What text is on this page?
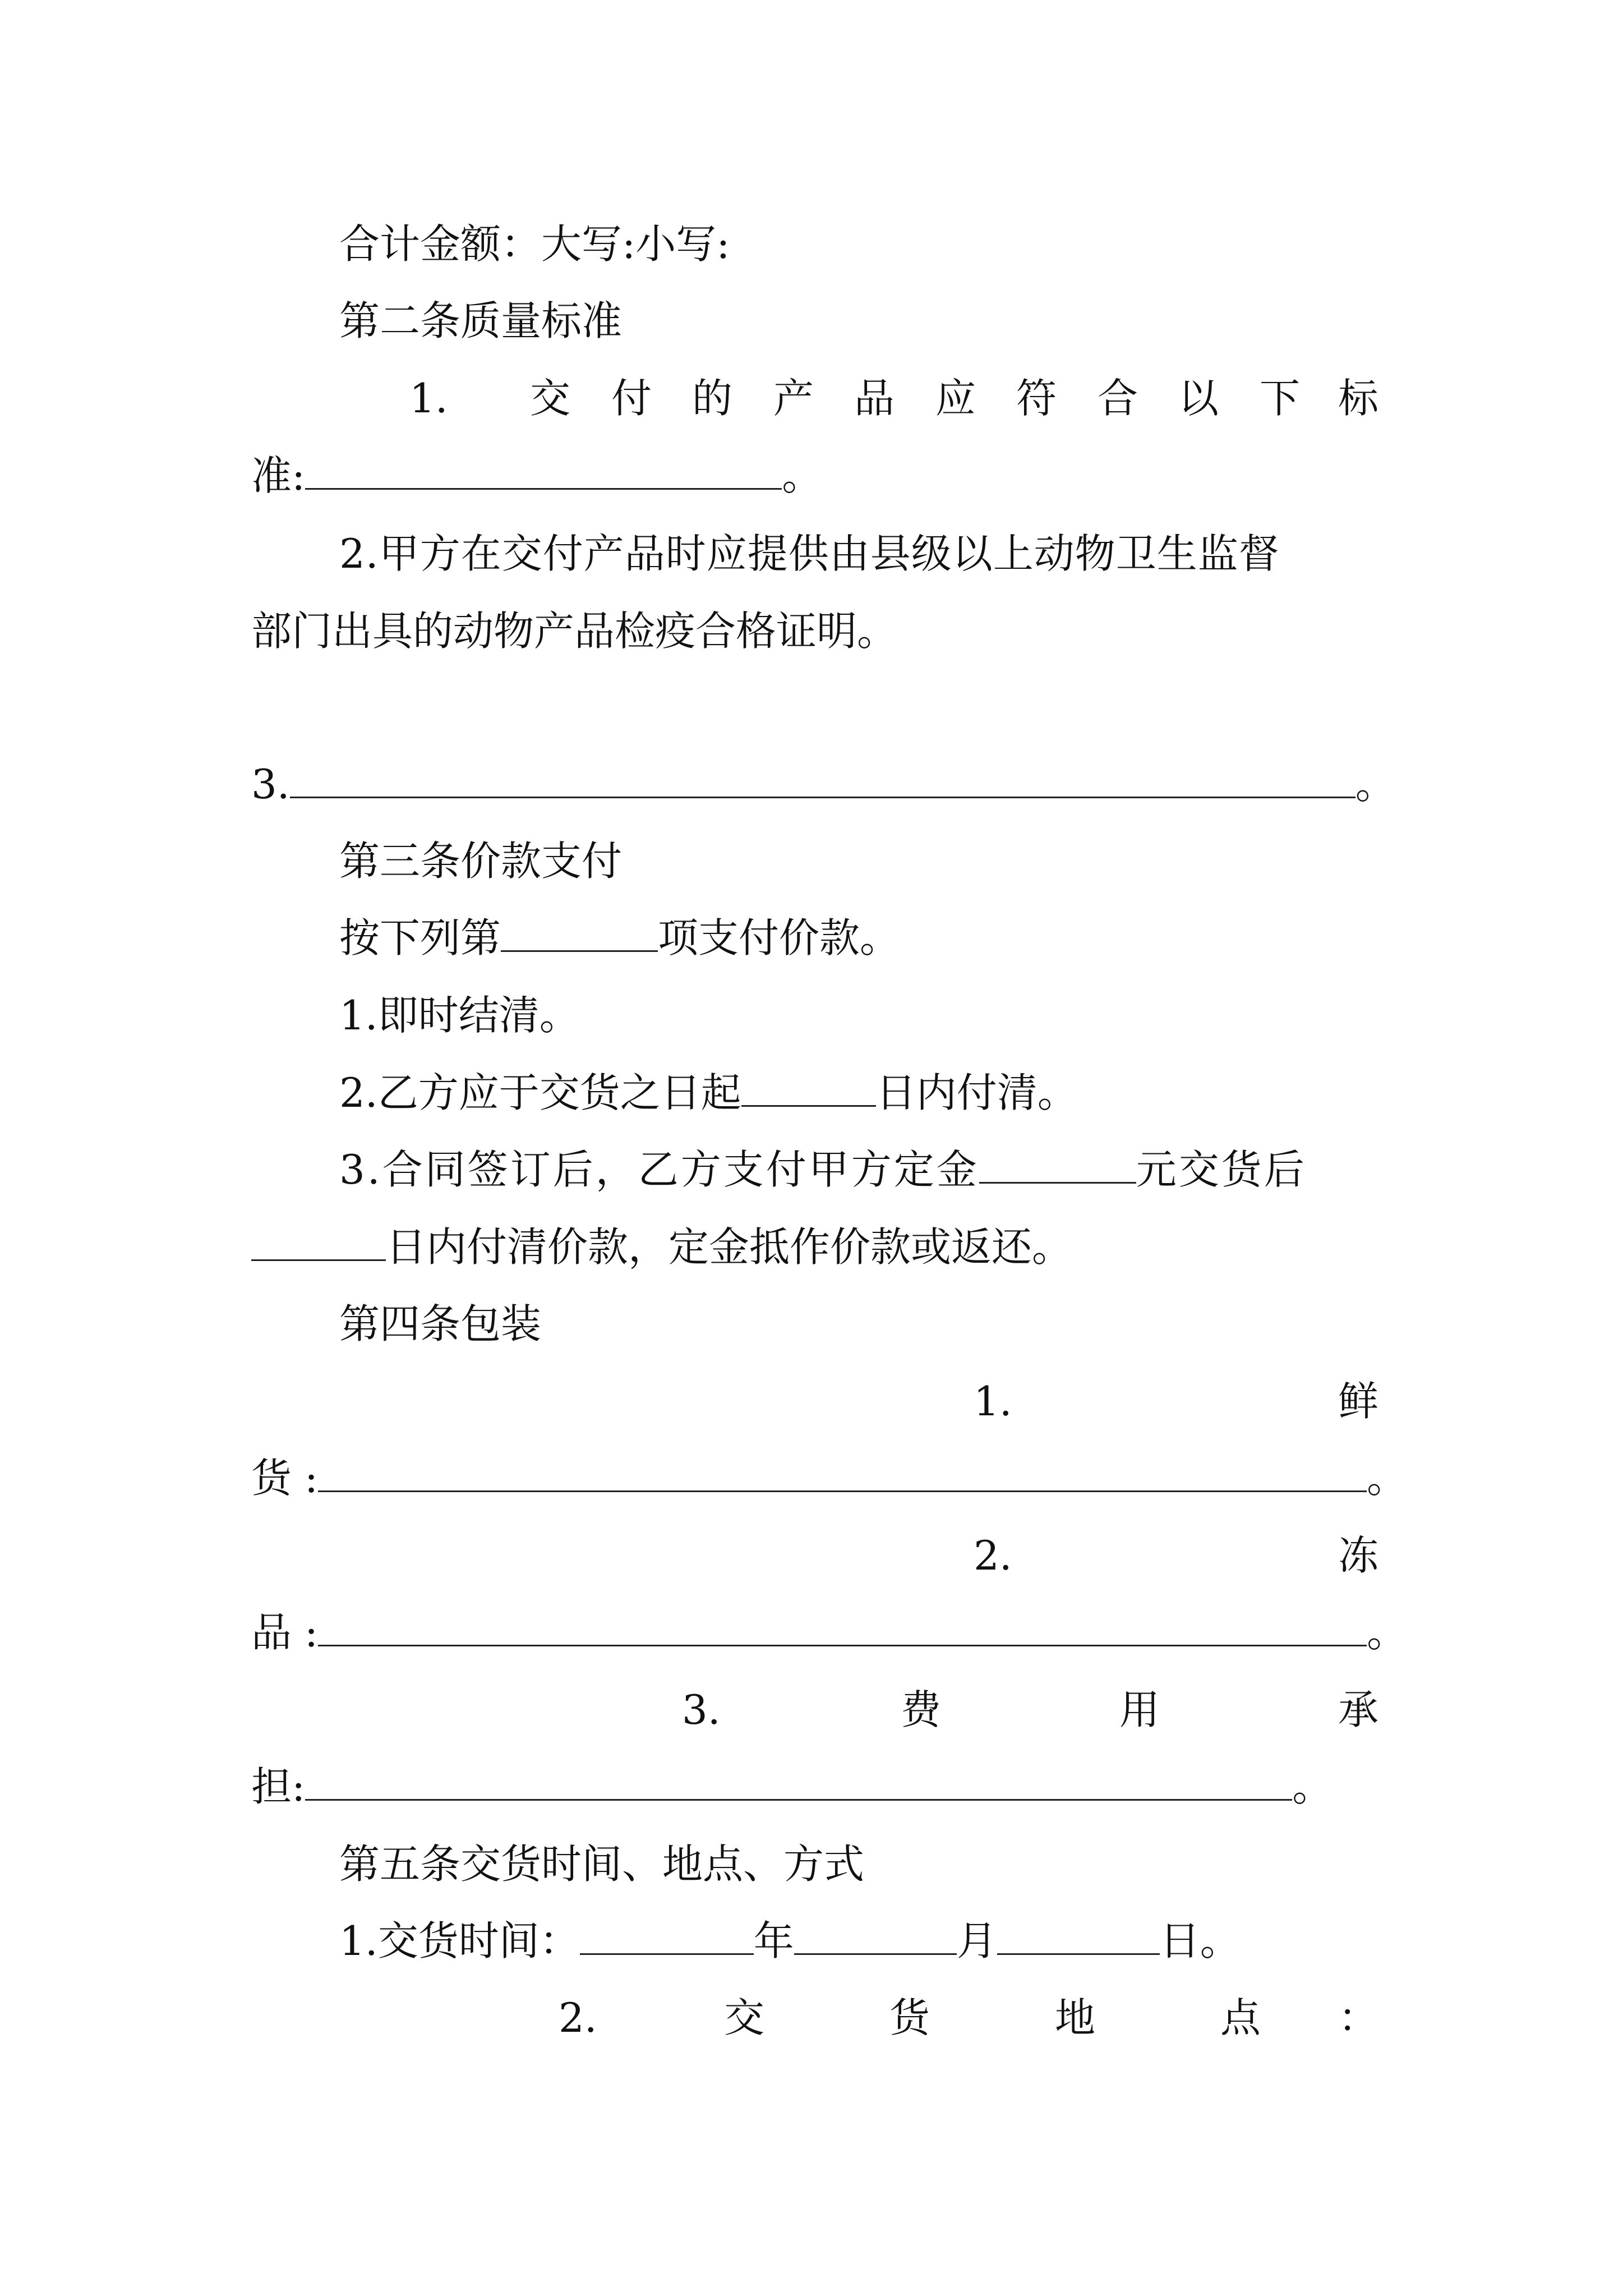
合计金额：大写:小写:
第二条质量标准
1. 交 付 的 产 品 应 符 合 以 下 标
准:	。
2.甲方在交付产品时应提供由县级以上动物卫生监督
部门出具的动物产品检疫合格证明。
3.	。
第三条价款支付
按下列第	项支付价款。
1.即时结清。
2.乙方应于交货之日起	日内付清。
3.合同签订后，乙方支付甲方定金	元交货后
日内付清价款，定金抵作价款或返还。
第四条包装
1.	鲜
货 :	。
2.	冻
品 :	。
3.	费	用	承
担:	。
第五条交货时间、地点、方式
1.交货时间：	年	月	日。
2.	交	货	地	点 ：
